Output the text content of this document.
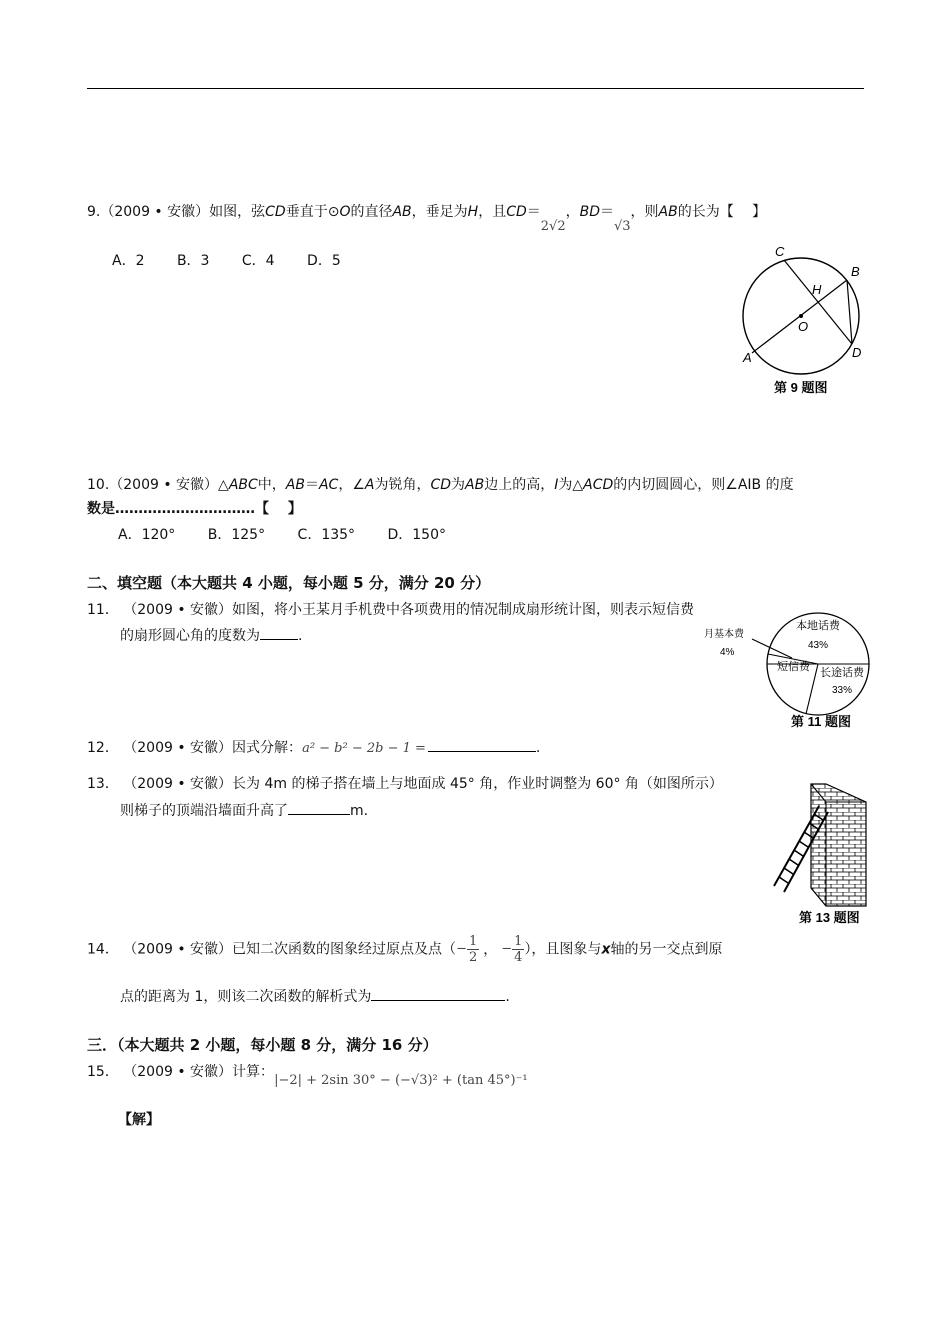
9.（2009 • 安徽）如图，弦CD垂直于⊙O的直径AB，垂足为H，且CD＝2√2，BD＝√3，则AB的长为【　 】
A．2 B．3 C．4 D．5
C
B
H
O
A	D
第 9 题图
10.（2009 • 安徽）△ABC中，AB＝AC，∠A为锐角，CD为AB边上的高，I为△ACD的内切圆圆心，则∠AIB 的度
数是…………………………【　 】
A．120° B．125° C．135° D．150°
二、填空题（本大题共 4 小题，每小题 5 分，满分 20 分）
11． （2009 • 安徽）如图，将小王某月手机费中各项费用的情况制成扇形统计图，则表示短信费
的扇形圆心角的度数为	.
本地话费
43%
长途话费
33%
短信费
月基本费
4%
第 11 题图
12． （2009 • 安徽）因式分解：a² − b² − 2b − 1 =	.
13． （2009 • 安徽）长为 4m 的梯子搭在墙上与地面成 45° 角，作业时调整为 60° 角（如图所示）
则梯子的顶端沿墙面升高了	m.
第 13 题图
14． （2009 • 安徽）已知二次函数的图象经过原点及点（− $\frac{1}{2}$ ， − $\frac{1}{4}$ ），且图象与x轴的另一交点到原
点的距离为 1，则该二次函数的解析式为	.
三．（本大题共 2 小题，每小题 8 分，满分 16 分）
15． （2009 • 安徽）计算：|−2| + 2sin 30° − (−√3)² + (tan 45°)⁻¹
【解】
